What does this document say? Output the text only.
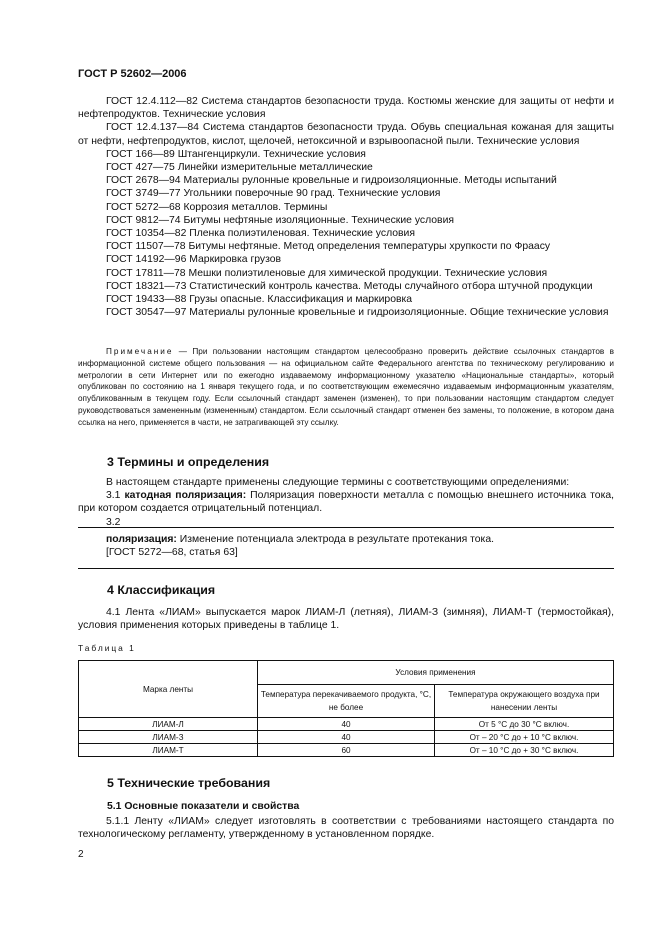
ГОСТ Р 52602—2006

ГОСТ 12.4.112—82 Система стандартов безопасности труда. Костюмы женские для защиты от нефти и нефтепродуктов. Технические условия

ГОСТ 12.4.137—84 Система стандартов безопасности труда. Обувь специальная кожаная для защиты от нефти, нефтепродуктов, кислот, щелочей, нетоксичной и взрывоопасной пыли. Технические условия

ГОСТ 166—89 Штангенциркули. Технические условия

ГОСТ 427—75 Линейки измерительные металлические

ГОСТ 2678—94 Материалы рулонные кровельные и гидроизоляционные. Методы испытаний

ГОСТ 3749—77 Угольники поверочные 90 град. Технические условия

ГОСТ 5272—68 Коррозия металлов. Термины

ГОСТ 9812—74 Битумы нефтяные изоляционные. Технические условия

ГОСТ 10354—82 Пленка полиэтиленовая. Технические условия

ГОСТ 11507—78 Битумы нефтяные. Метод определения температуры хрупкости по Фраасу

ГОСТ 14192—96 Маркировка грузов

ГОСТ 17811—78 Мешки полиэтиленовые для химической продукции. Технические условия

ГОСТ 18321—73 Статистический контроль качества. Методы случайного отбора штучной продукции

ГОСТ 19433—88 Грузы опасные. Классификация и маркировка

ГОСТ 30547—97 Материалы рулонные кровельные и гидроизоляционные. Общие технические условия

Примечание — При пользовании настоящим стандартом целесообразно проверить действие ссылочных стандартов в информационной системе общего пользования — на официальном сайте Федерального агентства по техническому регулированию и метрологии в сети Интернет или по ежегодно издаваемому информационному указателю «Национальные стандарты», который опубликован по состоянию на 1 января текущего года, и по соответствующим ежемесячно издаваемым информационным указателям, опубликованным в текущем году. Если ссылочный стандарт заменен (изменен), то при пользовании настоящим стандартом следует руководствоваться замененным (измененным) стандартом. Если ссылочный стандарт отменен без замены, то положение, в котором дана ссылка на него, применяется в части, не затрагивающей эту ссылку.

3 Термины и определения

В настоящем стандарте применены следующие термины с соответствующими определениями:

3.1 катодная поляризация: Поляризация поверхности металла с помощью внешнего источника тока, при котором создается отрицательный потенциал.

3.2

поляризация: Изменение потенциала электрода в результате протекания тока.
[ГОСТ 5272—68, статья 63]
4 Классификация

4.1 Лента «ЛИАМ» выпускается марок ЛИАМ-Л (летняя), ЛИАМ-З (зимняя), ЛИАМ-Т (термостойкая), условия применения которых приведены в таблице 1.

Таблица 1
Марка ленты	Условия применения	
	Температура перекачиваемого продукта, °С, не более	Температура окружающего воздуха при нанесении ленты
ЛИАМ-Л	40	От 5 °С до 30 °С включ.
ЛИАМ-З	40	От – 20 °С до + 10 °С включ.
ЛИАМ-Т	60	От – 10 °С до + 30 °С включ.
5 Технические требования
5.1 Основные показатели и свойства

5.1.1 Ленту «ЛИАМ» следует изготовлять в соответствии с требованиями настоящего стандарта по технологическому регламенту, утвержденному в установленном порядке.

2
